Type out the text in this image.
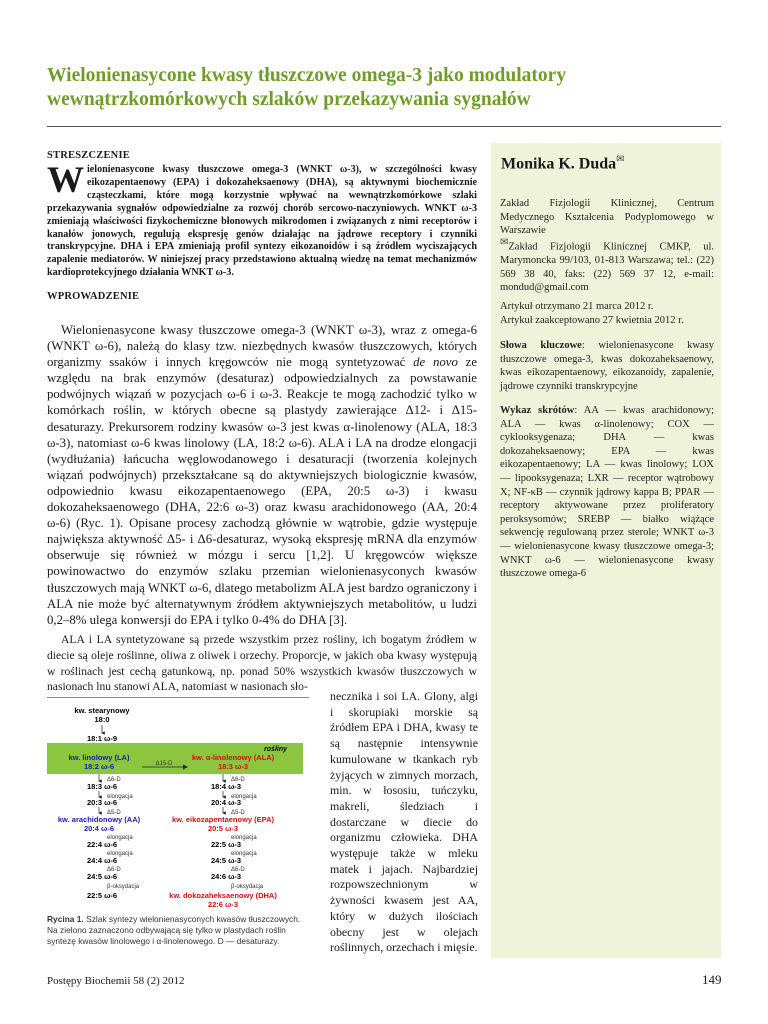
Wielonienasycone kwasy tłuszczowe omega-3 jako modulatory wewnątrzkomórkowych szlaków przekazywania sygnałów
STRESZCZENIE

Wielonienasycone kwasy tłuszczowe omega-3 (WNKT ω-3), w szczególności kwasy eikozapentaenowy (EPA) i dokozaheksaenowy (DHA), są aktywnymi biochemicznie cząsteczkami, które mogą korzystnie wpływać na wewnątrzkomórkowe szlaki przekazywania sygnałów odpowiedzialne za rozwój chorób sercowo-naczyniowych. WNKT ω-3 zmieniają właściwości fizykochemiczne błonowych mikrodomen i związanych z nimi receptorów i kanałów jonowych, regulują ekspresję genów działając na jądrowe receptory i czynniki transkrypcyjne. DHA i EPA zmieniają profil syntezy eikozanoidów i są źródłem wyciszających zapalenie mediatorów. W niniejszej pracy przedstawiono aktualną wiedzę na temat mechanizmów kardioprotekcyjnego działania WNKT ω-3.

WPROWADZENIE

Wielonienasycone kwasy tłuszczowe omega-3 (WNKT ω-3), wraz z omega-6 (WNKT ω-6), należą do klasy tzw. niezbędnych kwasów tłuszczowych, których organizmy ssaków i innych kręgowców nie mogą syntetyzować de novo ze względu na brak enzymów (desaturaz) odpowiedzialnych za powstawanie podwójnych wiązań w pozycjach ω-6 i ω-3. Reakcje te mogą zachodzić tylko w komórkach roślin, w których obecne są plastydy zawierające Δ12- i Δ15-desaturazy. Prekursorem rodziny kwasów ω-3 jest kwas α-linolenowy (ALA, 18:3 ω-3), natomiast ω-6 kwas linolowy (LA, 18:2 ω-6). ALA i LA na drodze elongacji (wydłużania) łańcucha węglowodanowego i desaturacji (tworzenia kolejnych wiązań podwójnych) przekształcane są do aktywniejszych biologicznie kwasów, odpowiednio kwasu eikozapentaenowego (EPA, 20:5 ω-3) i kwasu dokozaheksaenowego (DHA, 22:6 ω-3) oraz kwasu arachidonowego (AA, 20:4 ω-6) (Ryc. 1). Opisane procesy zachodzą głównie w wątrobie, gdzie występuje największa aktywność Δ5- i Δ6-desaturaz, wysoką ekspresję mRNA dla enzymów obserwuje się również w mózgu i sercu [1,2]. U kręgowców większe powinowactwo do enzymów szlaku przemian wielonienasyconych kwasów tłuszczowych mają WNKT ω-6, dlatego metabolizm ALA jest bardzo ograniczony i ALA nie może być alternatywnym źródłem aktywniejszych metabolitów, u ludzi 0,2–8% ulega konwersji do EPA i tylko 0-4% do DHA [3].

ALA i LA syntetyzowane są przede wszystkim przez rośliny, ich bogatym źródłem w diecie są oleje roślinne, oliwa z oliwek i orzechy. Proporcje, w jakich oba kwasy występują w roślinach jest cechą gatunkową, np. ponad 50% wszystkich kwasów tłuszczowych w nasionach lnu stanowi ALA, natomiast w nasionach sło-

necznika i soi LA. Glony, algi i skorupiaki morskie są źródłem EPA i DHA, kwasy te są następnie intensywnie kumulowane w tkankach ryb żyjących w zimnych morzach, min. w łososiu, tuńczyku, makreli, śledziach i dostarczane w diecie do organizmu człowieka. DHA występuje także w mleku matek i jajach. Najbardziej rozpowszechnionym w żywności kwasem jest AA, który w dużych ilościach obecny jest w olejach roślinnych, orzechach i mięsie.

kw. stearynowy
18:0
18:1 ω-9
rośliny
kw. linolowy (LA)
18:2 ω-6
kw. α-linolenowy (ALA)
18:3 ω-3
Δ15-D
Δ6-D
18:3 ω-6
elongacja
20:3 ω-6
Δ5-D
kw. arachidonowy (AA)
20:4 ω-6
elongacja
22:4 ω-6
elongacja
24:4 ω-6
Δ6-D
24:5 ω-6
β-oksydacja
22:5 ω-6
Δ6-D
18:4 ω-3
elongacja
20:4 ω-3
Δ5-D
kw. eikozapentaenowy (EPA)
20:5 ω-3
elongacja
22:5 ω-3
elongacja
24:5 ω-3
Δ6-D
24:6 ω-3
β-oksydacja
kw. dokozaheksaenowy (DHA)
22:6 ω-3

Rycina 1. Szlak syntezy wielonienasyconych kwasów tłuszczowych. Na zielono zaznaczono odbywającą się tylko w plastydach roślin syntezę kwasów linolowego i α-linolenowego. D — desaturazy.

Monika K. Duda✉

Zakład Fizjologii Klinicznej, Centrum Medycznego Kształcenia Podyplomowego w Warszawie

✉Zakład Fizjologii Klinicznej CMKP, ul. Marymoncka 99/103, 01-813 Warszawa; tel.: (22) 569 38 40, faks: (22) 569 37 12, e-mail: mondud@gmail.com

Artykuł otrzymano 21 marca 2012 r.
Artykuł zaakceptowano 27 kwietnia 2012 r.

Słowa kluczowe: wielonienasycone kwasy tłuszczowe omega-3, kwas dokozaheksaenowy, kwas eikozapentaenowy, eikozanoidy, zapalenie, jądrowe czynniki transkrypcyjne

Wykaz skrótów: AA — kwas arachidonowy; ALA — kwas α-linolenowy; COX — cyklooksygenaza; DHA — kwas dokozaheksaenowy; EPA — kwas eikozapentaenowy; LA — kwas linolowy; LOX — lipooksygenaza; LXR — receptor wątrobowy X; NF-κB — czynnik jądrowy kappa B; PPAR — receptory aktywowane przez proliferatory peroksysomów; SREBP — białko wiążące sekwencję regulowaną przez sterole; WNKT ω-3 — wielonienasycone kwasy tłuszczowe omega-3; WNKT ω-6 — wielonienasycone kwasy tłuszczowe omega-6

Postępy Biochemii 58 (2) 2012	149
